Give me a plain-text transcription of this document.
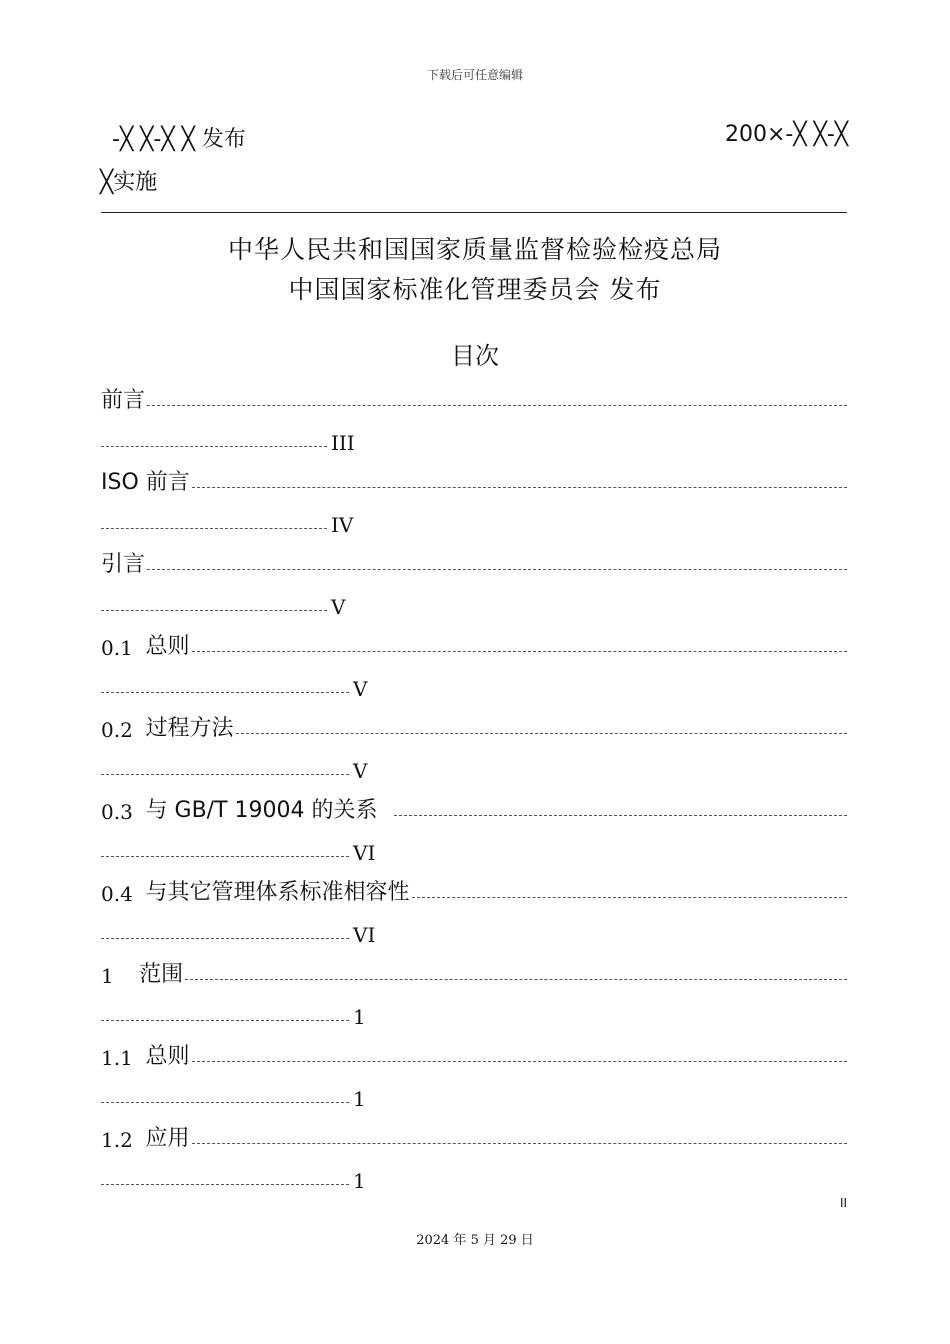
下载后可任意编辑
-╳ ╳-╳ ╳ 发布	200×-╳ ╳-╳
╳实施
中华人民共和国国家质量监督检验检疫总局
中国国家标准化管理委员会 发布
目次
前言
III
ISO 前言
IV
引言
V
0.1 总则
V
0.2 过程方法
V
0.3 与 GB/T 19004 的关系
VI
0.4 与其它管理体系标准相容性
VI
1 范围
1
1.1 总则
1
1.2 应用
1
II
2024 年 5 月 29 日
